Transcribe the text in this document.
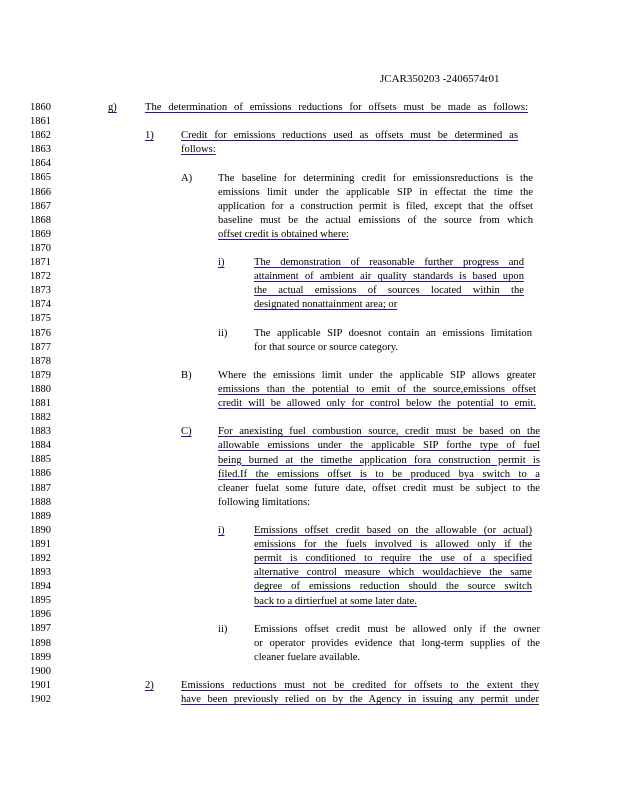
JCAR350203 -2406574r01
1860
1861
1862
1863
1864
1865
1866
1867
1868
1869
1870
1871
1872
1873
1874
1875
1876
1877
1878
1879
1880
1881
1882
1883
1884
1885
1886
1887
1888
1889
1890
1891
1892
1893
1894
1895
1896
1897
1898
1899
1900
1901
1902
g)	The determination of emissions reductions for offsets must be made as follows:
1)	Credit for emissions reductions used as offsets must be determined as
follows:
A) The baseline for determining credit for emissionsreductions is the
emissions limit under the applicable SIP in effectat the time the
application for a construction permit is filed, except that the offset
baseline must be the actual emissions of the source from which
offset credit is obtained where:
i)	The demonstration of reasonable further progress and
attainment of ambient air quality standards is based upon
the actual emissions of sources located within the
designated nonattainment area; or
ii)	The applicable SIP doesnot contain an emissions limitation
for that source or source category.
B) Where the emissions limit under the applicable SIP allows greater
emissions than the potential to emit of the source,emissions offset
credit will be allowed only for control below the potential to emit.
C) For anexisting fuel combustion source, credit must be based on the
allowable emissions under the applicable SIP forthe type of fuel
being burned at the timethe application fora construction permit is
filed.If the emissions offset is to be produced bya switch to a
cleaner fuelat some future date, offset credit must be subject to the
following limitations:
i)	Emissions offset credit based on the allowable (or actual)
emissions for the fuels involved is allowed only if the
permit is conditioned to require the use of a specified
alternative control measure which wouldachieve the same
degree of emissions reduction should the source switch
back to a dirtierfuel at some later date.
ii)	Emissions offset credit must be allowed only if the owner
or operator provides evidence that long-term supplies of the
cleaner fuelare available.
2)	Emissions reductions must not be credited for offsets to the extent they
have been previously relied on by the Agency in issuing any permit under
